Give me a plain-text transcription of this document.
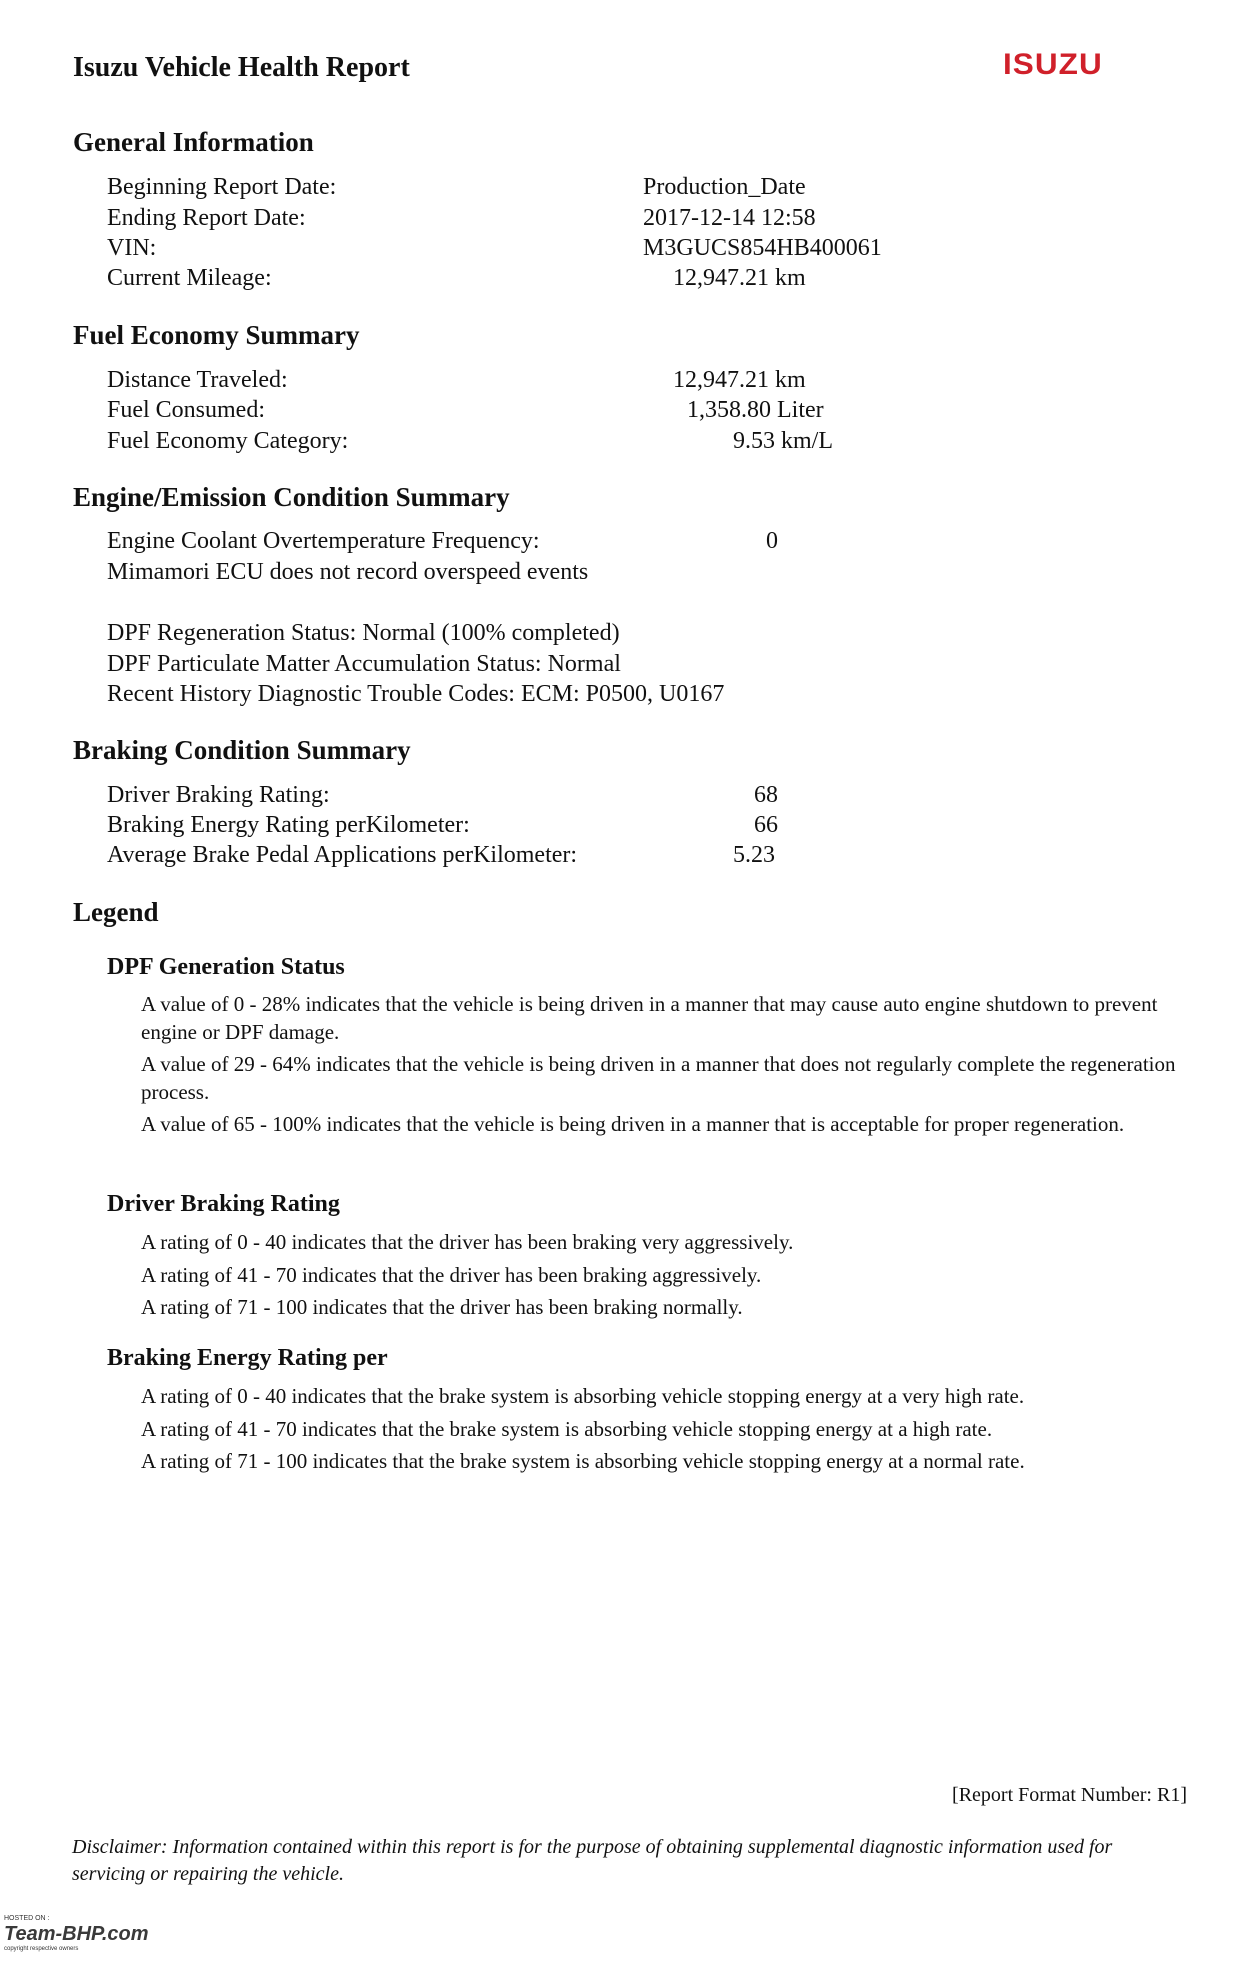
Isuzu Vehicle Health Report	ISUZU
General Information
Beginning Report Date:	Production_Date
Ending Report Date:	2017-12-14 12:58
VIN:	M3GUCS854HB400061
Current Mileage:	12,947.21 km
Fuel Economy Summary
Distance Traveled:	12,947.21 km
Fuel Consumed:	1,358.80 Liter
Fuel Economy Category:	9.53 km/L
Engine/Emission Condition Summary
Engine Coolant Overtemperature Frequency:	0
Mimamori ECU does not record overspeed events
DPF Regeneration Status: Normal (100% completed)
DPF Particulate Matter Accumulation Status: Normal
Recent History Diagnostic Trouble Codes: ECM: P0500, U0167
Braking Condition Summary
Driver Braking Rating:	68
Braking Energy Rating perKilometer:	66
Average Brake Pedal Applications perKilometer:	5.23
Legend
DPF Generation Status
A value of 0 - 28% indicates that the vehicle is being driven in a manner that may cause auto engine shutdown to prevent engine or DPF damage.
A value of 29 - 64% indicates that the vehicle is being driven in a manner that does not regularly complete the regeneration process.
A value of 65 - 100% indicates that the vehicle is being driven in a manner that is acceptable for proper regeneration.
Driver Braking Rating
A rating of 0 - 40 indicates that the driver has been braking very aggressively.
A rating of 41 - 70 indicates that the driver has been braking aggressively.
A rating of 71 - 100 indicates that the driver has been braking normally.
Braking Energy Rating per
A rating of 0 - 40 indicates that the brake system is absorbing vehicle stopping energy at a very high rate.
A rating of 41 - 70 indicates that the brake system is absorbing vehicle stopping energy at a high rate.
A rating of 71 - 100 indicates that the brake system is absorbing vehicle stopping energy at a normal rate.
[Report Format Number: R1]
Disclaimer: Information contained within this report is for the purpose of obtaining supplemental diagnostic information used for servicing or repairing the vehicle.
HOSTED ON :
Team-BHP.com
copyright respective owners
